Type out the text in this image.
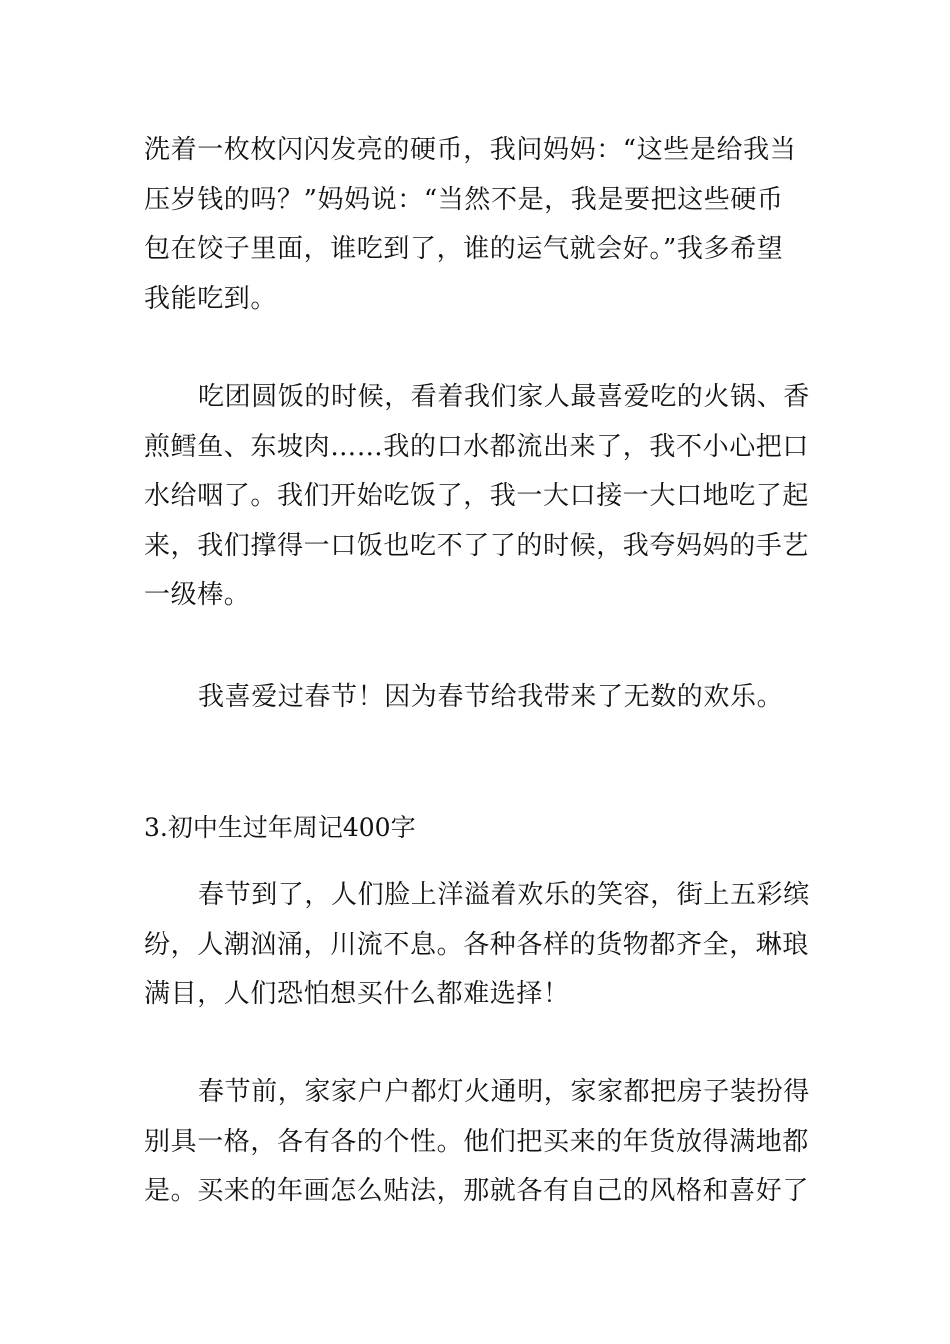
洗着一枚枚闪闪发亮的硬币，我问妈妈：“这些是给我当
压岁钱的吗？”妈妈说：“当然不是，我是要把这些硬币
包在饺子里面，谁吃到了，谁的运气就会好。”我多希望
我能吃到。

吃团圆饭的时候，看着我们家人最喜爱吃的火锅、香
煎鳕鱼、东坡肉……我的口水都流出来了，我不小心把口
水给咽了。我们开始吃饭了，我一大口接一大口地吃了起
来，我们撑得一口饭也吃不了了的时候，我夸妈妈的手艺
一级棒。

我喜爱过春节！因为春节给我带来了无数的欢乐。

3.初中生过年周记400字

春节到了，人们脸上洋溢着欢乐的笑容，街上五彩缤
纷，人潮汹涌，川流不息。各种各样的货物都齐全，琳琅
满目，人们恐怕想买什么都难选择！

春节前，家家户户都灯火通明，家家都把房子装扮得
别具一格，各有各的个性。他们把买来的年货放得满地都
是。买来的年画怎么贴法，那就各有自己的风格和喜好了
